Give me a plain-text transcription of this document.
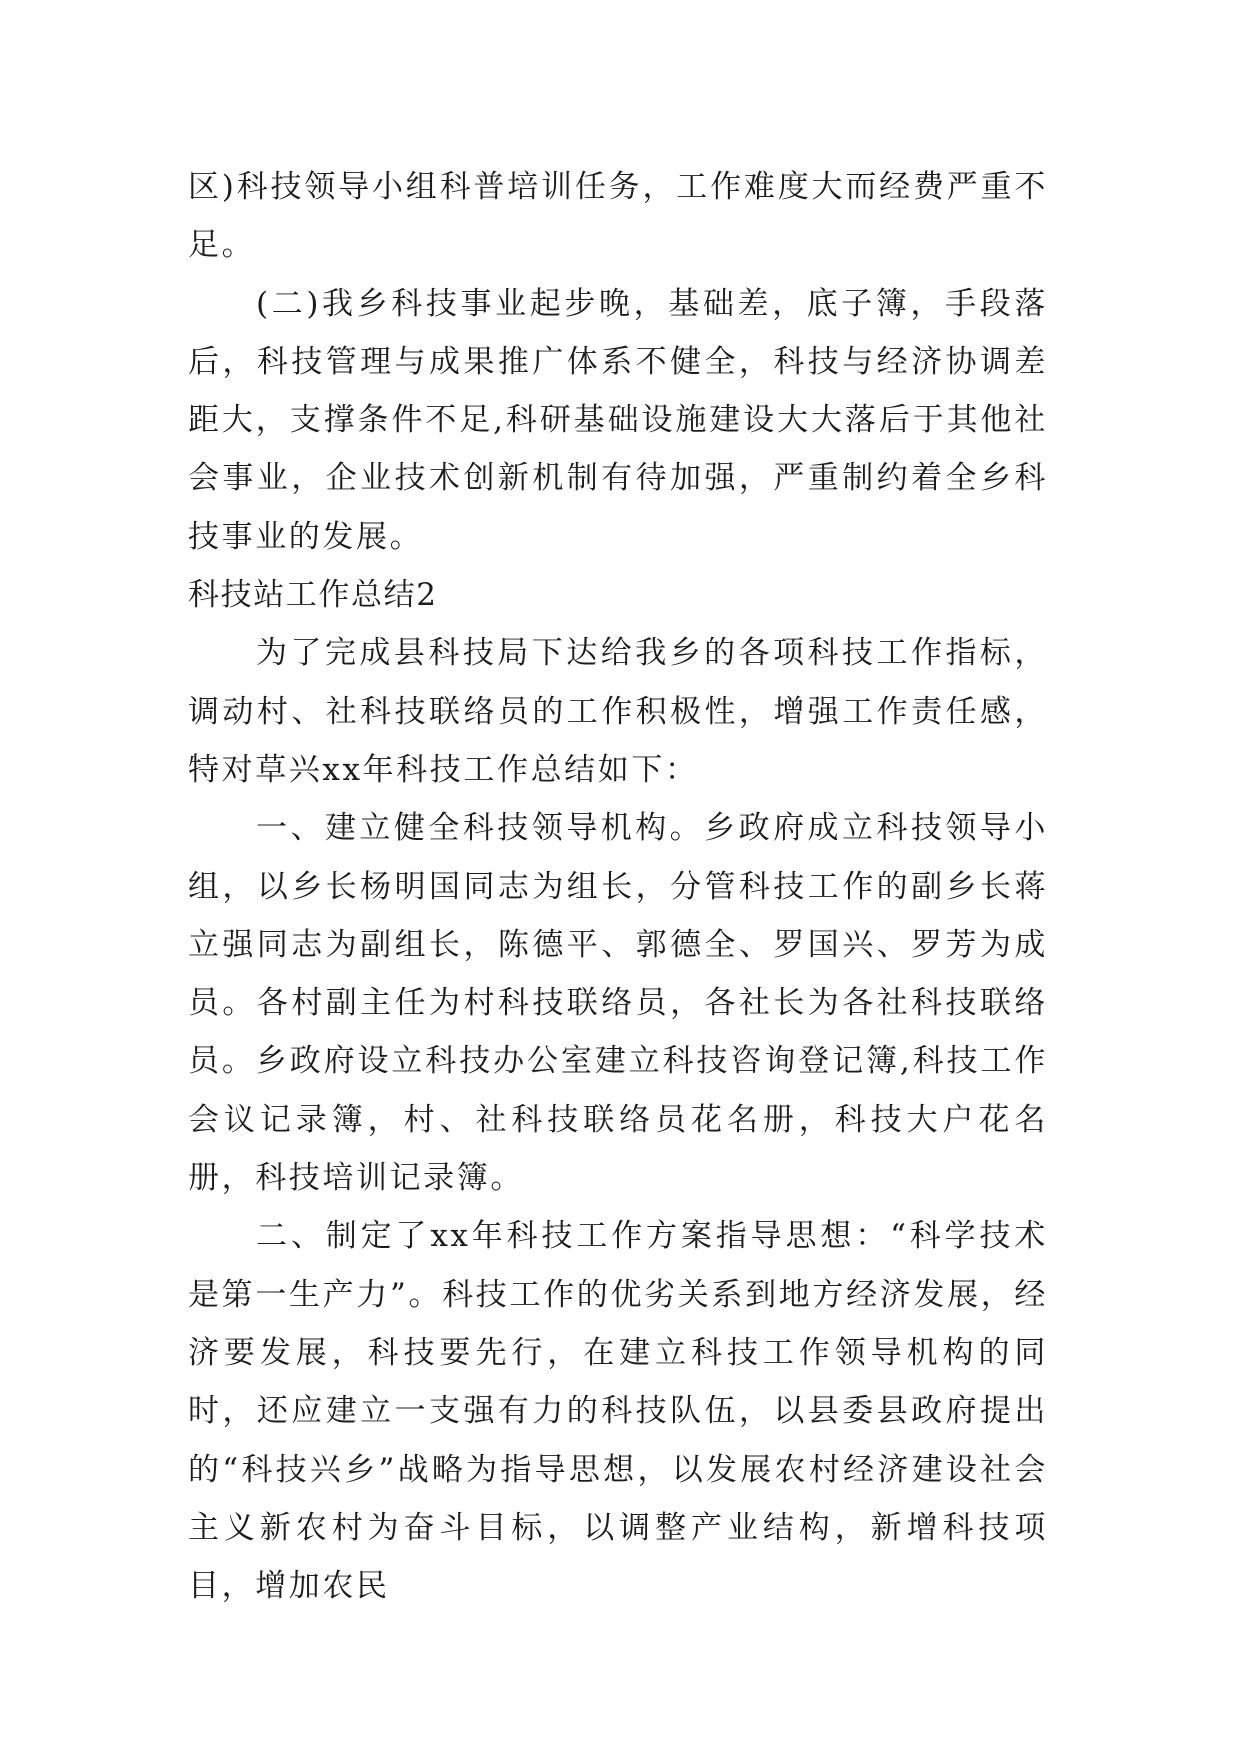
区)科技领导小组科普培训任务，工作难度大而经费严重不足。

(二)我乡科技事业起步晚，基础差，底子簿，手段落后，科技管理与成果推广体系不健全，科技与经济协调差距大，支撑条件不足,科研基础设施建设大大落后于其他社会事业，企业技术创新机制有待加强，严重制约着全乡科技事业的发展。

科技站工作总结2

为了完成县科技局下达给我乡的各项科技工作指标，调动村、社科技联络员的工作积极性，增强工作责任感，特对草兴xx年科技工作总结如下：

一、建立健全科技领导机构。乡政府成立科技领导小组，以乡长杨明国同志为组长，分管科技工作的副乡长蒋立强同志为副组长，陈德平、郭德全、罗国兴、罗芳为成员。各村副主任为村科技联络员，各社长为各社科技联络员。乡政府设立科技办公室建立科技咨询登记簿,科技工作会议记录簿，村、社科技联络员花名册，科技大户花名册，科技培训记录簿。

二、制定了xx年科技工作方案指导思想：“科学技术是第一生产力”。科技工作的优劣关系到地方经济发展，经济要发展，科技要先行，在建立科技工作领导机构的同时，还应建立一支强有力的科技队伍，以县委县政府提出的“科技兴乡”战略为指导思想，以发展农村经济建设社会主义新农村为奋斗目标，以调整产业结构，新增科技项目，增加农民
